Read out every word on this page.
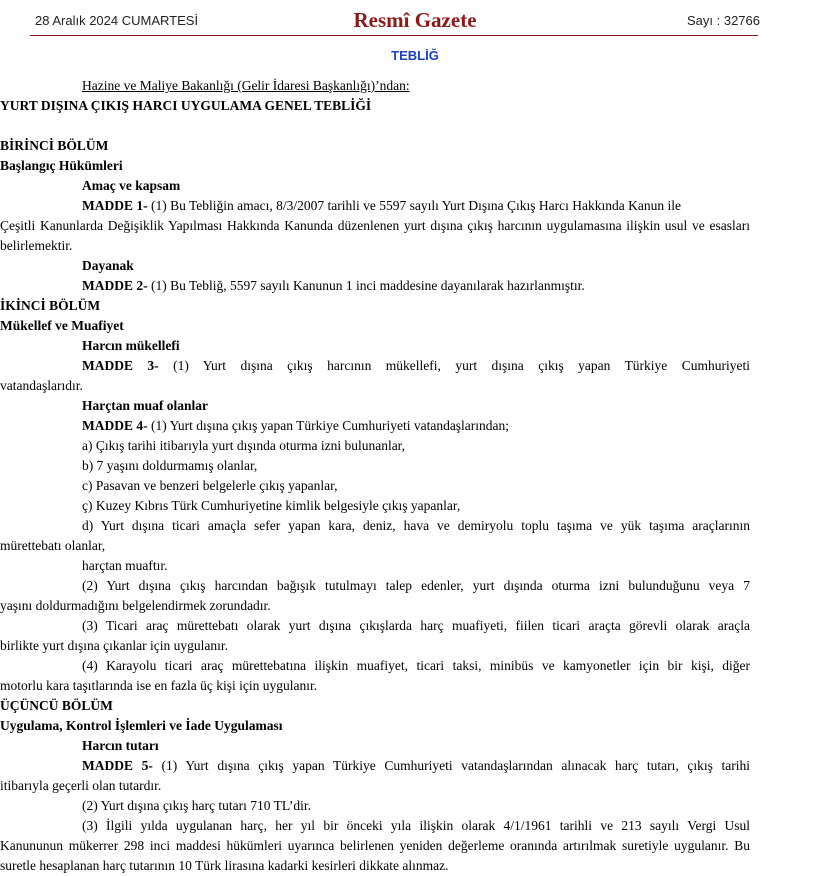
28 Aralık 2024 CUMARTESİ	Resmî Gazete	Sayı : 32766
TEBLİĞ

Hazine ve Maliye Bakanlığı (Gelir İdaresi Başkanlığı)’ndan:

YURT DIŞINA ÇIKIŞ HARCI UYGULAMA GENEL TEBLİĞİ

BİRİNCİ BÖLÜM

Başlangıç Hükümleri

Amaç ve kapsam

MADDE 1- (1) Bu Tebliğin amacı, 8/3/2007 tarihli ve 5597 sayılı Yurt Dışına Çıkış Harcı Hakkında Kanun ile

Çeşitli Kanunlarda Değişiklik Yapılması Hakkında Kanunda düzenlenen yurt dışına çıkış harcının uygulamasına ilişkin usul ve esasları belirlemektir.

Dayanak

MADDE 2- (1) Bu Tebliğ, 5597 sayılı Kanunun 1 inci maddesine dayanılarak hazırlanmıştır.

İKİNCİ BÖLÜM

Mükellef ve Muafiyet

Harcın mükellefi

MADDE 3- (1) Yurt dışına çıkış harcının mükellefi, yurt dışına çıkış yapan Türkiye Cumhuriyeti

vatandaşlarıdır.

Harçtan muaf olanlar

MADDE 4- (1) Yurt dışına çıkış yapan Türkiye Cumhuriyeti vatandaşlarından;

a) Çıkış tarihi itibarıyla yurt dışında oturma izni bulunanlar,

b) 7 yaşını doldurmamış olanlar,

c) Pasavan ve benzeri belgelerle çıkış yapanlar,

ç) Kuzey Kıbrıs Türk Cumhuriyetine kimlik belgesiyle çıkış yapanlar,

d) Yurt dışına ticari amaçla sefer yapan kara, deniz, hava ve demiryolu toplu taşıma ve yük taşıma araçlarının

mürettebatı olanlar,

harçtan muaftır.

(2) Yurt dışına çıkış harcından bağışık tutulmayı talep edenler, yurt dışında oturma izni bulunduğunu veya 7

yaşını doldurmadığını belgelendirmek zorundadır.

(3) Ticari araç mürettebatı olarak yurt dışına çıkışlarda harç muafiyeti, fiilen ticari araçta görevli olarak araçla

birlikte yurt dışına çıkanlar için uygulanır.

(4) Karayolu ticari araç mürettebatına ilişkin muafiyet, ticari taksi, minibüs ve kamyonetler için bir kişi, diğer

motorlu kara taşıtlarında ise en fazla üç kişi için uygulanır.

ÜÇÜNCÜ BÖLÜM

Uygulama, Kontrol İşlemleri ve İade Uygulaması

Harcın tutarı

MADDE 5- (1) Yurt dışına çıkış yapan Türkiye Cumhuriyeti vatandaşlarından alınacak harç tutarı, çıkış tarihi

itibarıyla geçerli olan tutardır.

(2) Yurt dışına çıkış harç tutarı 710 TL’dir.

(3) İlgili yılda uygulanan harç, her yıl bir önceki yıla ilişkin olarak 4/1/1961 tarihli ve 213 sayılı Vergi Usul

Kanununun mükerrer 298 inci maddesi hükümleri uyarınca belirlenen yeniden değerleme oranında artırılmak suretiyle uygulanır. Bu suretle hesaplanan harç tutarının 10 Türk lirasına kadarki kesirleri dikkate alınmaz.
